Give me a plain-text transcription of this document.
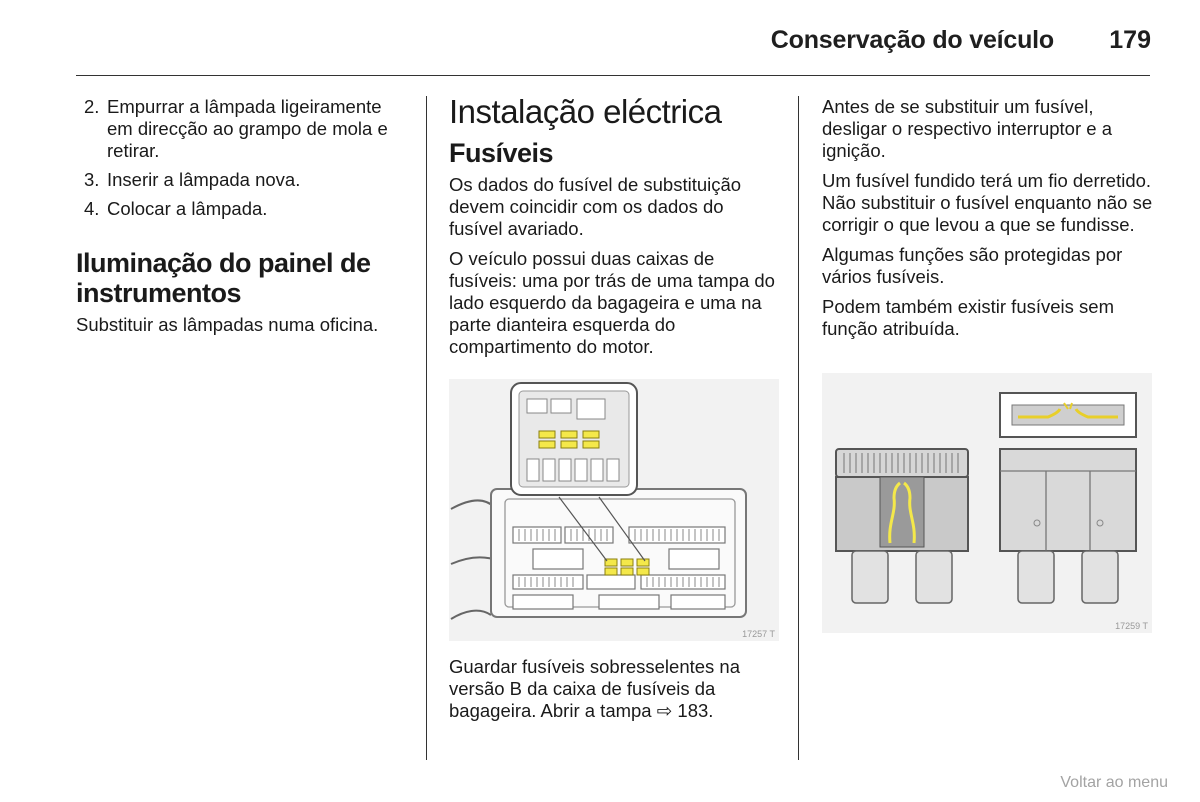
Conservação do veículo 179
2. Empurrar a lâmpada ligeiramente em direcção ao grampo de mola e retirar.
3. Inserir a lâmpada nova.
4. Colocar a lâmpada.
Iluminação do painel de instrumentos

Substituir as lâmpadas numa oficina.

Instalação eléctrica
Fusíveis

Os dados do fusível de substituição devem coincidir com os dados do fusível avariado.

O veículo possui duas caixas de fusíveis: uma por trás de uma tampa do lado esquerdo da bagageira e uma na parte dianteira esquerda do compartimento do motor.

17257 T

Guardar fusíveis sobresselentes na versão B da caixa de fusíveis da bagageira. Abrir a tampa ⇨ 183.

Antes de se substituir um fusível, desligar o respectivo interruptor e a ignição.

Um fusível fundido terá um fio derretido. Não substituir o fusível enquanto não se corrigir o que levou a que se fundisse.

Algumas funções são protegidas por vários fusíveis.

Podem também existir fusíveis sem função atribuída.

17259 T
Voltar ao menu
